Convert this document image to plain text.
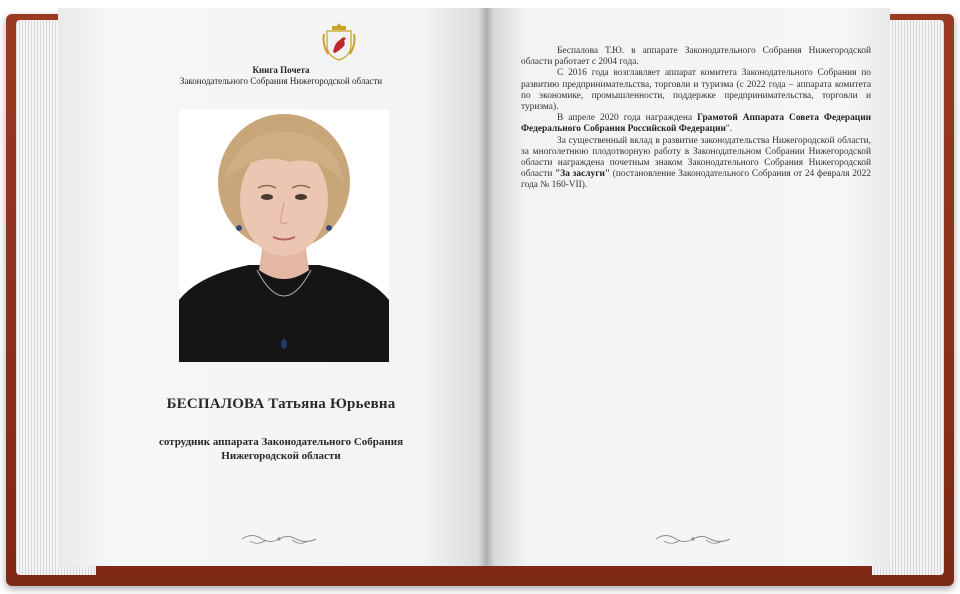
Книга Почета
Законодательного Собрания Нижегородской области
БЕСПАЛОВА Татьяна Юрьевна
сотрудник аппарата Законодательного Собрания
Нижегородской области

Беспалова Т.Ю. в аппарате Законодательного Собрания Нижегородской области работает с 2004 года.

С 2016 года возглавляет аппарат комитета Законодательного Собрания по развитию предпринимательства, торговли и туризма (с 2022 года – аппарата комитета по экономике, промышленности, поддержке предпринимательства, торговли и туризма).

В апреле 2020 года награждена Грамотой Аппарата Совета Федерации Федерального Собрания Российской Федерации".

За существенный вклад в развитие законодательства Нижегородской области, за многолетнюю плодотворную работу в Законодательном Собрании Нижегородской области награждена почетным знаком Законодательного Собрания Нижегородской области "За заслуги" (постановление Законодательного Собрания от 24 февраля 2022 года № 160-VII).
